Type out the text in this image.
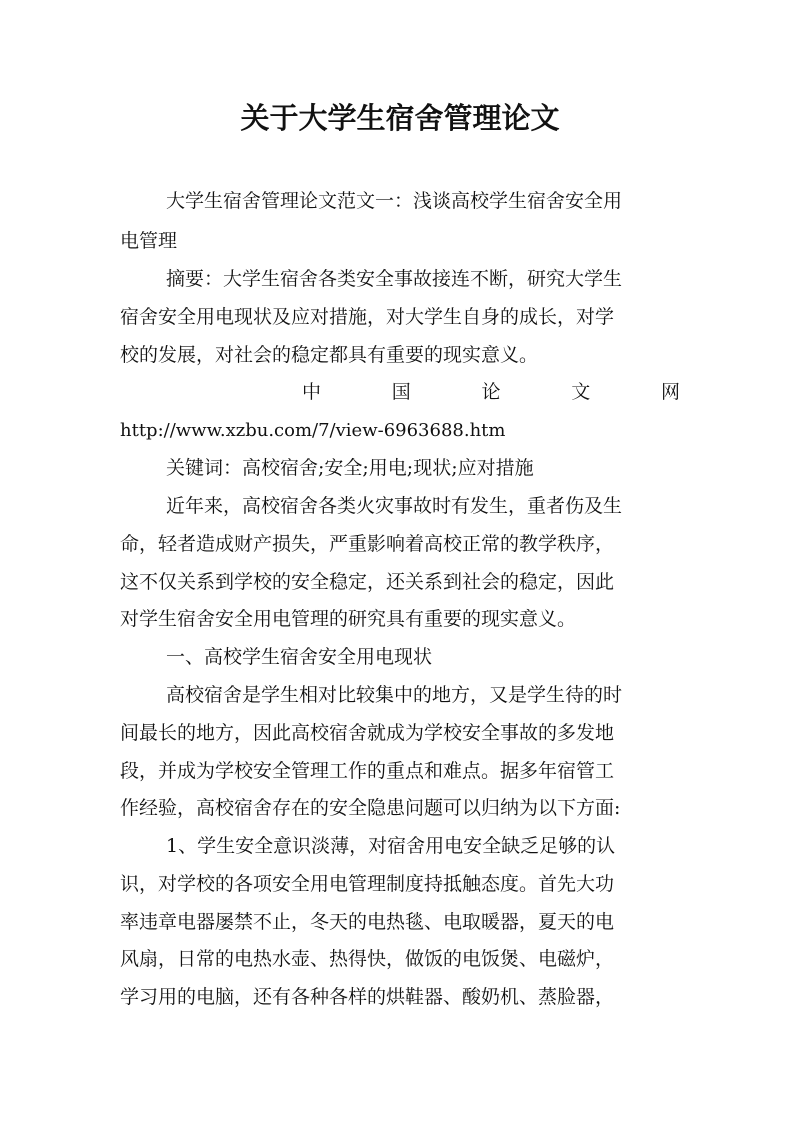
关于大学生宿舍管理论文
大学生宿舍管理论文范文一：浅谈高校学生宿舍安全用
电管理
摘要：大学生宿舍各类安全事故接连不断，研究大学生
宿舍安全用电现状及应对措施，对大学生自身的成长，对学
校的发展，对社会的稳定都具有重要的现实意义。
中	国	论	文	网
http://www.xzbu.com/7/view-6963688.htm
关键词：高校宿舍;安全;用电;现状;应对措施
近年来，高校宿舍各类火灾事故时有发生，重者伤及生
命，轻者造成财产损失，严重影响着高校正常的教学秩序，
这不仅关系到学校的安全稳定，还关系到社会的稳定，因此
对学生宿舍安全用电管理的研究具有重要的现实意义。
一、高校学生宿舍安全用电现状
高校宿舍是学生相对比较集中的地方，又是学生待的时
间最长的地方，因此高校宿舍就成为学校安全事故的多发地
段，并成为学校安全管理工作的重点和难点。据多年宿管工
作经验，高校宿舍存在的安全隐患问题可以归纳为以下方面:
1、学生安全意识淡薄，对宿舍用电安全缺乏足够的认
识，对学校的各项安全用电管理制度持抵触态度。首先大功
率违章电器屡禁不止，冬天的电热毯、电取暖器，夏天的电
风扇，日常的电热水壶、热得快，做饭的电饭煲、电磁炉，
学习用的电脑，还有各种各样的烘鞋器、酸奶机、蒸脸器，
